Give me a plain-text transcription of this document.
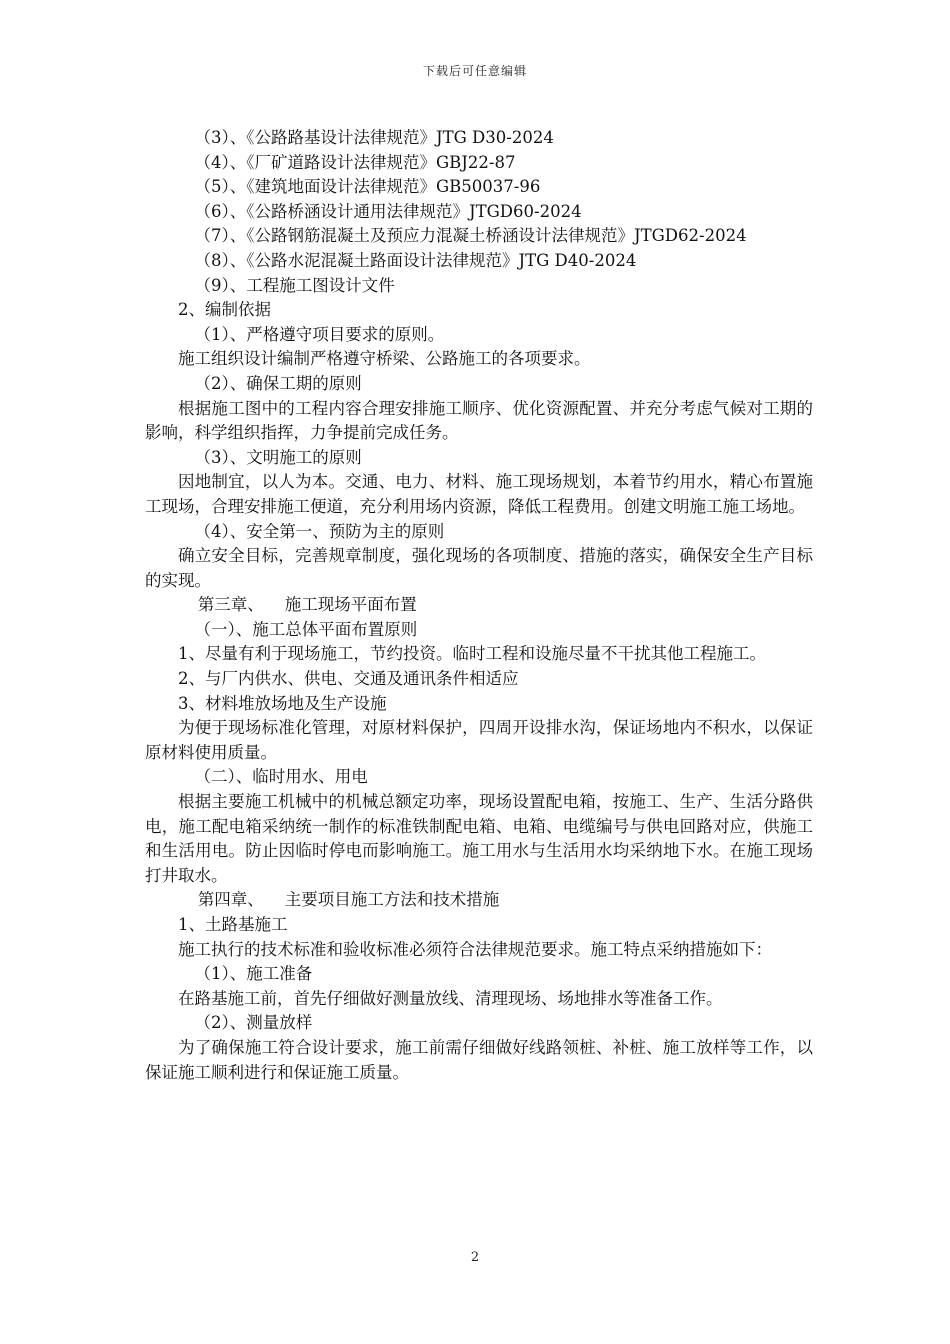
下载后可任意编辑
（3）、《公路路基设计法律规范》JTG D30-2024
（4）、《厂矿道路设计法律规范》GBJ22-87
（5）、《建筑地面设计法律规范》GB50037-96
（6）、《公路桥涵设计通用法律规范》JTGD60-2024
（7）、《公路钢筋混凝土及预应力混凝土桥涵设计法律规范》JTGD62-2024
（8）、《公路水泥混凝土路面设计法律规范》JTG D40-2024
（9）、工程施工图设计文件
2、编制依据
（1）、严格遵守项目要求的原则。
施工组织设计编制严格遵守桥梁、公路施工的各项要求。
（2）、确保工期的原则
根据施工图中的工程内容合理安排施工顺序、优化资源配置、并充分考虑气候对工期的影响，科学组织指挥，力争提前完成任务。
（3）、文明施工的原则
因地制宜，以人为本。交通、电力、材料、施工现场规划，本着节约用水，精心布置施工现场，合理安排施工便道，充分利用场内资源，降低工程费用。创建文明施工施工场地。
（4）、安全第一、预防为主的原则
确立安全目标，完善规章制度，强化现场的各项制度、措施的落实，确保安全生产目标的实现。
第三章、    施工现场平面布置
（一）、施工总体平面布置原则
1、尽量有利于现场施工，节约投资。临时工程和设施尽量不干扰其他工程施工。
2、与厂内供水、供电、交通及通讯条件相适应
3、材料堆放场地及生产设施
为便于现场标准化管理，对原材料保护，四周开设排水沟，保证场地内不积水，以保证原材料使用质量。
（二）、临时用水、用电
根据主要施工机械中的机械总额定功率，现场设置配电箱，按施工、生产、生活分路供电，施工配电箱采纳统一制作的标准铁制配电箱、电箱、电缆编号与供电回路对应，供施工和生活用电。防止因临时停电而影响施工。施工用水与生活用水均采纳地下水。在施工现场打井取水。
第四章、    主要项目施工方法和技术措施
1、土路基施工
施工执行的技术标准和验收标准必须符合法律规范要求。施工特点采纳措施如下：
（1）、施工准备
在路基施工前，首先仔细做好测量放线、清理现场、场地排水等准备工作。
（2）、测量放样
为了确保施工符合设计要求，施工前需仔细做好线路领桩、补桩、施工放样等工作，以保证施工顺利进行和保证施工质量。
2
